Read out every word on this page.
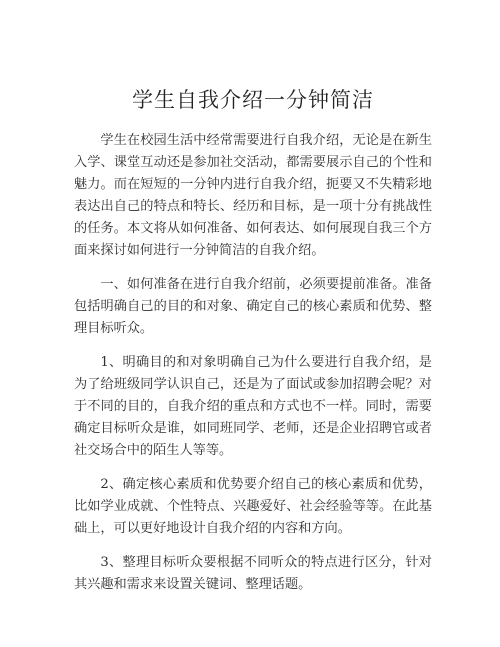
学生自我介绍一分钟简洁

学生在校园生活中经常需要进行自我介绍，无论是在新生入学、课堂互动还是参加社交活动，都需要展示自己的个性和魅力。而在短短的一分钟内进行自我介绍，扼要又不失精彩地表达出自己的特点和特长、经历和目标，是一项十分有挑战性的任务。本文将从如何准备、如何表达、如何展现自我三个方面来探讨如何进行一分钟简洁的自我介绍。

一、如何准备在进行自我介绍前，必须要提前准备。准备包括明确自己的目的和对象、确定自己的核心素质和优势、整理目标听众。

1、明确目的和对象明确自己为什么要进行自我介绍，是为了给班级同学认识自己，还是为了面试或参加招聘会呢？对于不同的目的，自我介绍的重点和方式也不一样。同时，需要确定目标听众是谁，如同班同学、老师，还是企业招聘官或者社交场合中的陌生人等等。

2、确定核心素质和优势要介绍自己的核心素质和优势，比如学业成就、个性特点、兴趣爱好、社会经验等等。在此基础上，可以更好地设计自我介绍的内容和方向。

3、整理目标听众要根据不同听众的特点进行区分，针对其兴趣和需求来设置关键词、整理话题。
